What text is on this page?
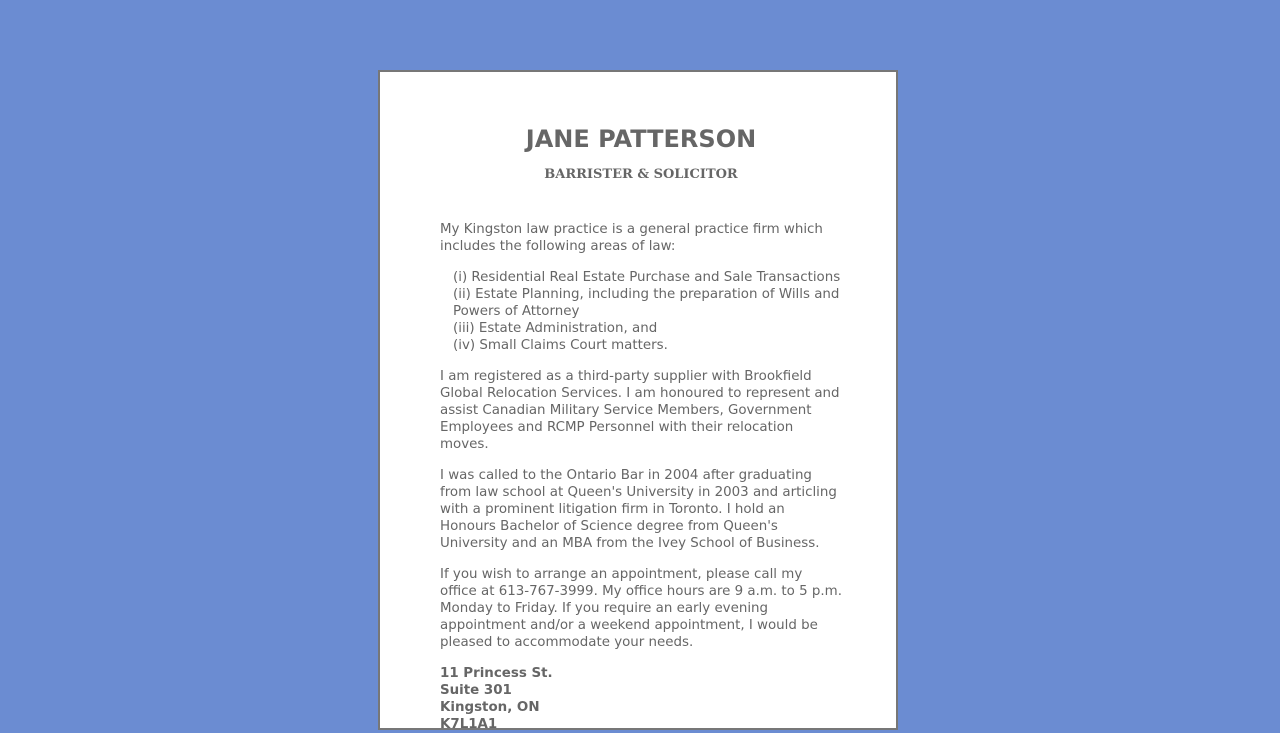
JANE PATTERSON
BARRISTER & SOLICITOR

My Kingston law practice is a general practice firm which includes the following areas of law:

(i) Residential Real Estate Purchase and Sale Transactions
(ii) Estate Planning, including the preparation of Wills and Powers of Attorney
(iii) Estate Administration, and
(iv) Small Claims Court matters.

I am registered as a third-party supplier with Brookfield Global Relocation Services. I am honoured to represent and assist Canadian Military Service Members, Government Employees and RCMP Personnel with their relocation moves.

I was called to the Ontario Bar in 2004 after graduating from law school at Queen's University in 2003 and articling with a prominent litigation firm in Toronto. I hold an Honours Bachelor of Science degree from Queen's University and an MBA from the Ivey School of Business.

If you wish to arrange an appointment, please call my office at 613-767-3999. My office hours are 9 a.m. to 5 p.m. Monday to Friday. If you require an early evening appointment and/or a weekend appointment, I would be pleased to accommodate your needs.

11 Princess St.
Suite 301
Kingston, ON
K7L1A1
